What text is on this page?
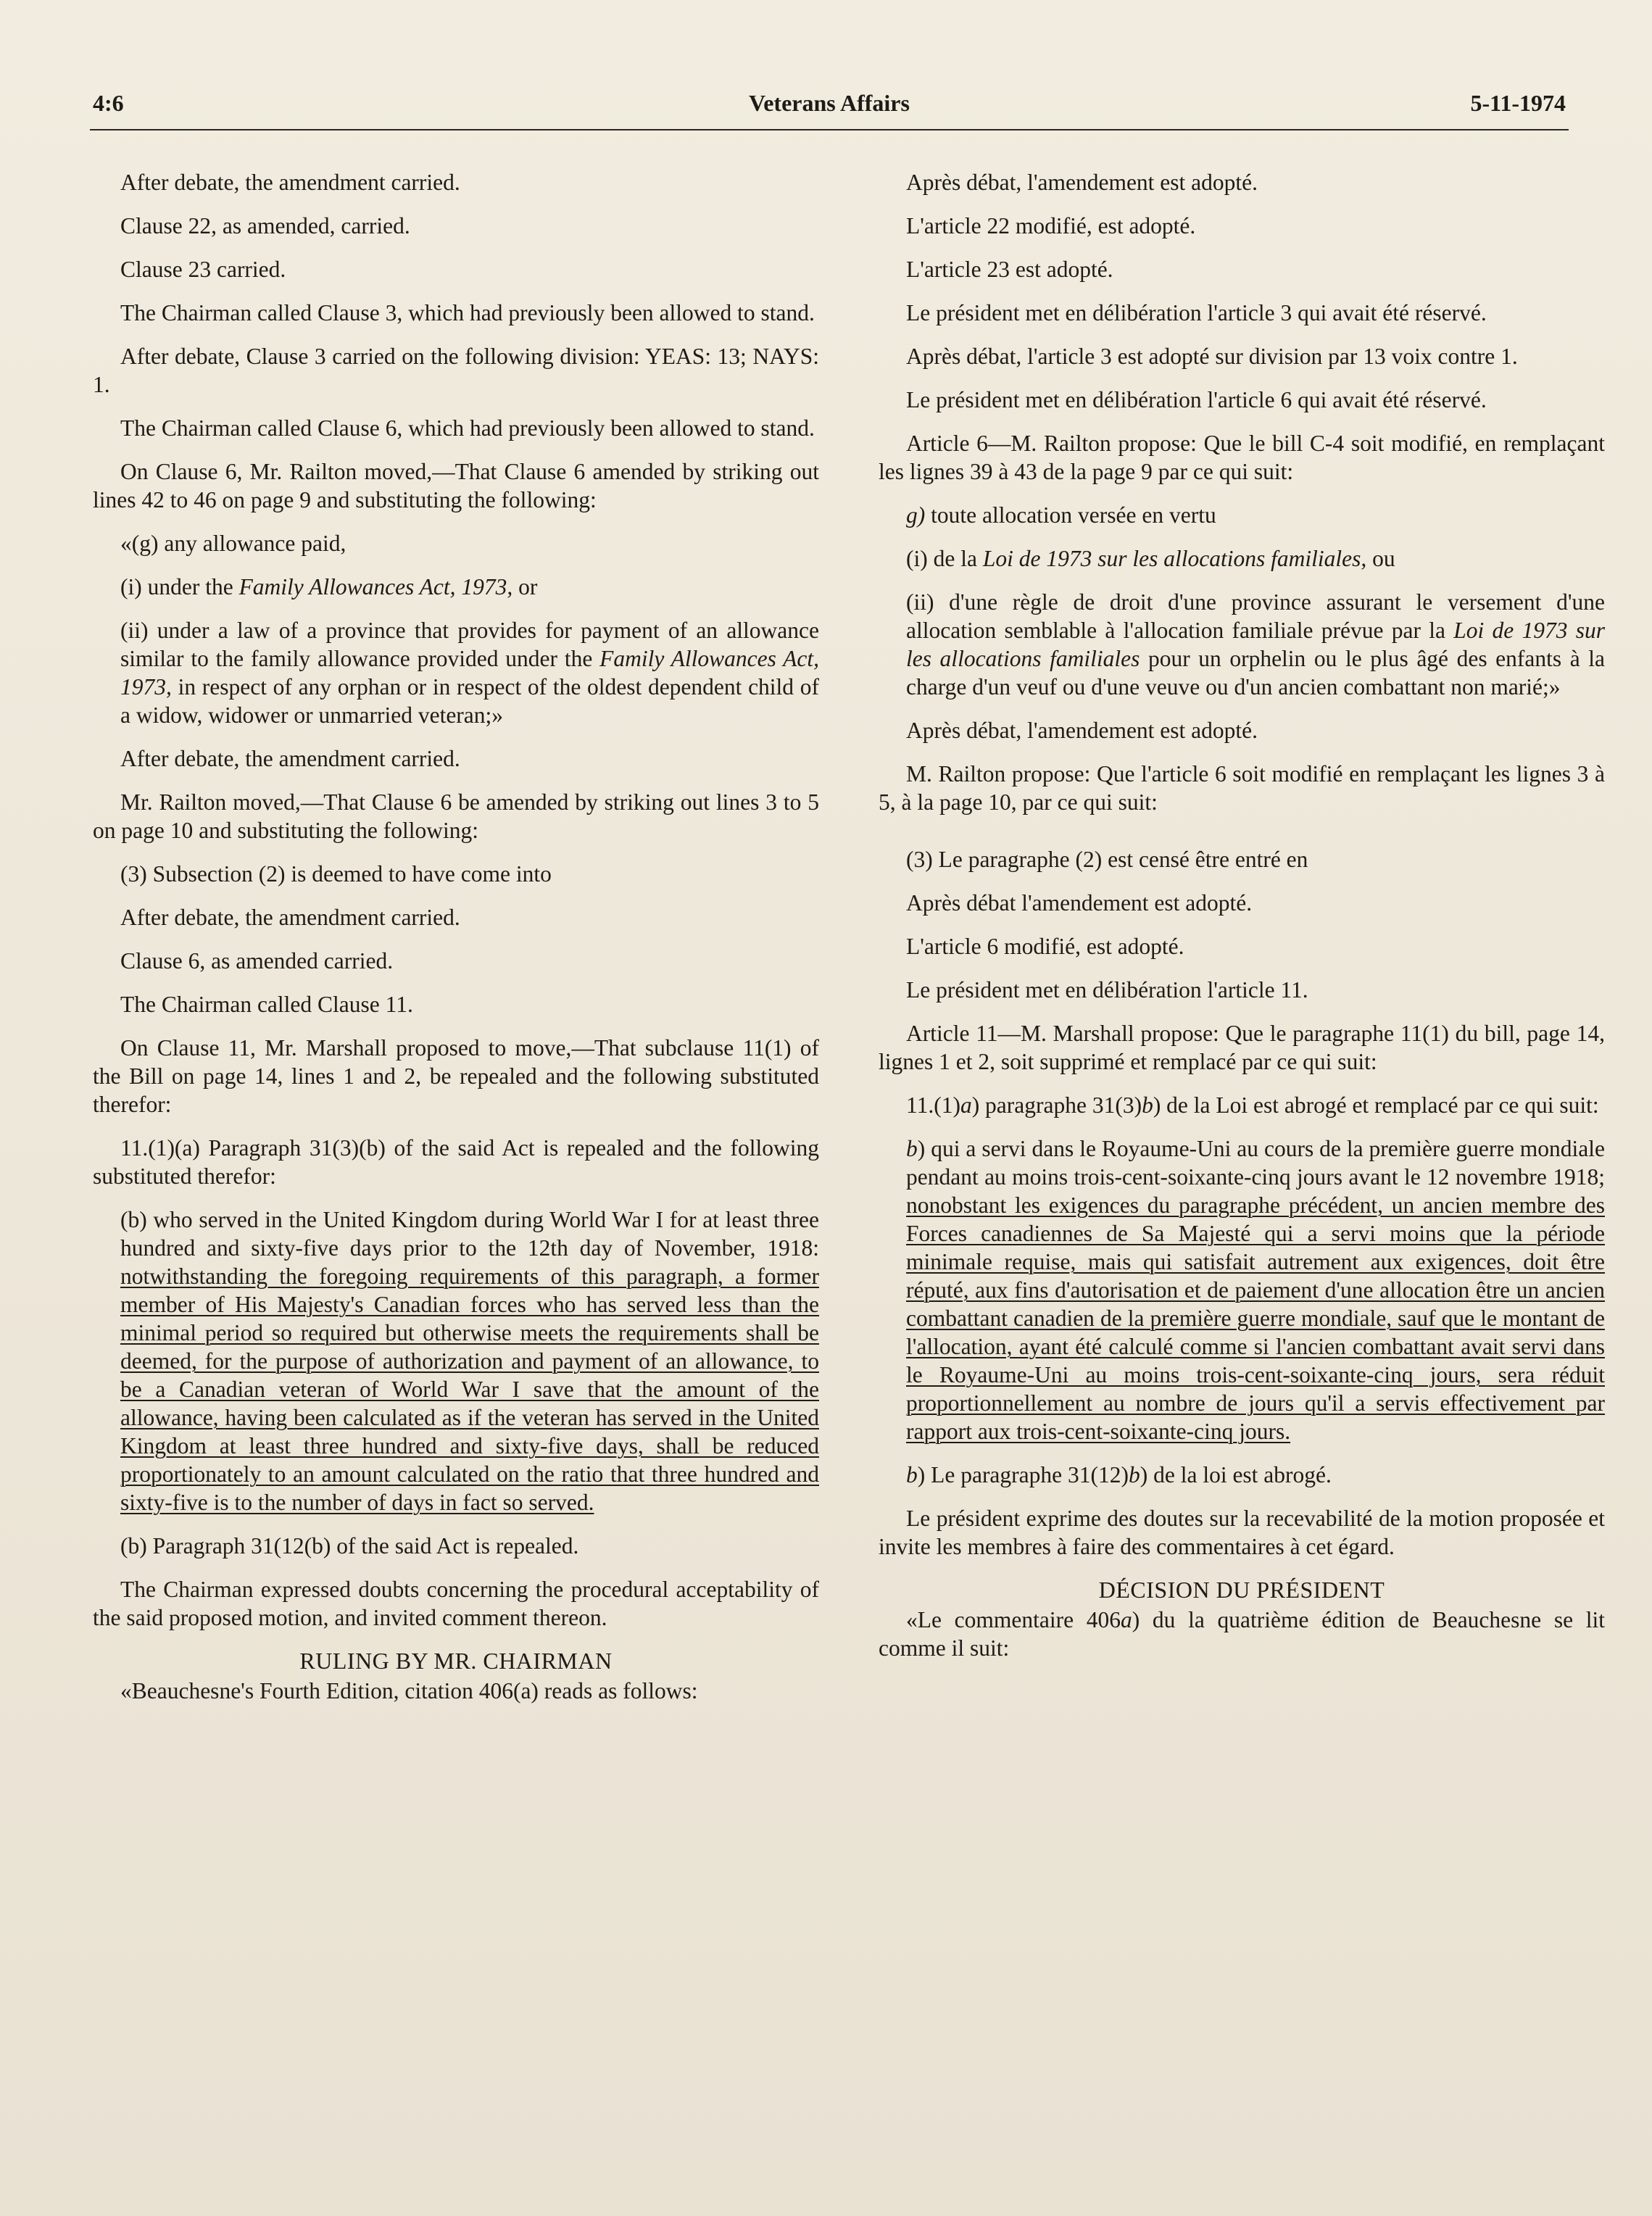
4:6	Veterans Affairs	5-11-1974

After debate, the amendment carried.

Clause 22, as amended, carried.

Clause 23 carried.

The Chairman called Clause 3, which had previously been allowed to stand.

After debate, Clause 3 carried on the following division: YEAS: 13; NAYS: 1.

The Chairman called Clause 6, which had previously been allowed to stand.

On Clause 6, Mr. Railton moved,—That Clause 6 amended by striking out lines 42 to 46 on page 9 and substituting the following:

«(g) any allowance paid,

(i) under the Family Allowances Act, 1973, or

(ii) under a law of a province that provides for payment of an allowance similar to the family allowance provided under the Family Allowances Act, 1973, in respect of any orphan or in respect of the oldest dependent child of a widow, widower or unmarried veteran;»

After debate, the amendment carried.

Mr. Railton moved,—That Clause 6 be amended by striking out lines 3 to 5 on page 10 and substituting the following:

(3) Subsection (2) is deemed to have come into

After debate, the amendment carried.

Clause 6, as amended carried.

The Chairman called Clause 11.

On Clause 11, Mr. Marshall proposed to move,—That subclause 11(1) of the Bill on page 14, lines 1 and 2, be repealed and the following substituted therefor:

11.(1)(a) Paragraph 31(3)(b) of the said Act is repealed and the following substituted therefor:

(b) who served in the United Kingdom during World War I for at least three hundred and sixty-five days prior to the 12th day of November, 1918: notwithstanding the foregoing requirements of this paragraph, a former member of His Majesty's Canadian forces who has served less than the minimal period so required but otherwise meets the requirements shall be deemed, for the purpose of authorization and payment of an allowance, to be a Canadian veteran of World War I save that the amount of the allowance, having been calculated as if the veteran has served in the United Kingdom at least three hundred and sixty-five days, shall be reduced proportionately to an amount calculated on the ratio that three hundred and sixty-five is to the number of days in fact so served.

(b) Paragraph 31(12(b) of the said Act is repealed.

The Chairman expressed doubts concerning the procedural acceptability of the said proposed motion, and invited comment thereon.

RULING BY MR. CHAIRMAN

«Beauchesne's Fourth Edition, citation 406(a) reads as follows:

Après débat, l'amendement est adopté.

L'article 22 modifié, est adopté.

L'article 23 est adopté.

Le président met en délibération l'article 3 qui avait été réservé.

Après débat, l'article 3 est adopté sur division par 13 voix contre 1.

Le président met en délibération l'article 6 qui avait été réservé.

Article 6—M. Railton propose: Que le bill C-4 soit modifié, en remplaçant les lignes 39 à 43 de la page 9 par ce qui suit:

g) toute allocation versée en vertu

(i) de la Loi de 1973 sur les allocations familiales, ou

(ii) d'une règle de droit d'une province assurant le versement d'une allocation semblable à l'allocation familiale prévue par la Loi de 1973 sur les allocations familiales pour un orphelin ou le plus âgé des enfants à la charge d'un veuf ou d'une veuve ou d'un ancien combattant non marié;»

Après débat, l'amendement est adopté.

M. Railton propose: Que l'article 6 soit modifié en remplaçant les lignes 3 à 5, à la page 10, par ce qui suit:

(3) Le paragraphe (2) est censé être entré en

Après débat l'amendement est adopté.

L'article 6 modifié, est adopté.

Le président met en délibération l'article 11.

Article 11—M. Marshall propose: Que le paragraphe 11(1) du bill, page 14, lignes 1 et 2, soit supprimé et remplacé par ce qui suit:

11.(1)a) paragraphe 31(3)b) de la Loi est abrogé et remplacé par ce qui suit:

b) qui a servi dans le Royaume-Uni au cours de la première guerre mondiale pendant au moins trois-cent-soixante-cinq jours avant le 12 novembre 1918; nonobstant les exigences du paragraphe précédent, un ancien membre des Forces canadiennes de Sa Majesté qui a servi moins que la période minimale requise, mais qui satisfait autrement aux exigences, doit être réputé, aux fins d'autorisation et de paiement d'une allocation être un ancien combattant canadien de la première guerre mondiale, sauf que le montant de l'allocation, ayant été calculé comme si l'ancien combattant avait servi dans le Royaume-Uni au moins trois-cent-soixante-cinq jours, sera réduit proportionnellement au nombre de jours qu'il a servis effectivement par rapport aux trois-cent-soixante-cinq jours.

b) Le paragraphe 31(12)b) de la loi est abrogé.

Le président exprime des doutes sur la recevabilité de la motion proposée et invite les membres à faire des commentaires à cet égard.

DÉCISION DU PRÉSIDENT

«Le commentaire 406a) du la quatrième édition de Beauchesne se lit comme il suit:
